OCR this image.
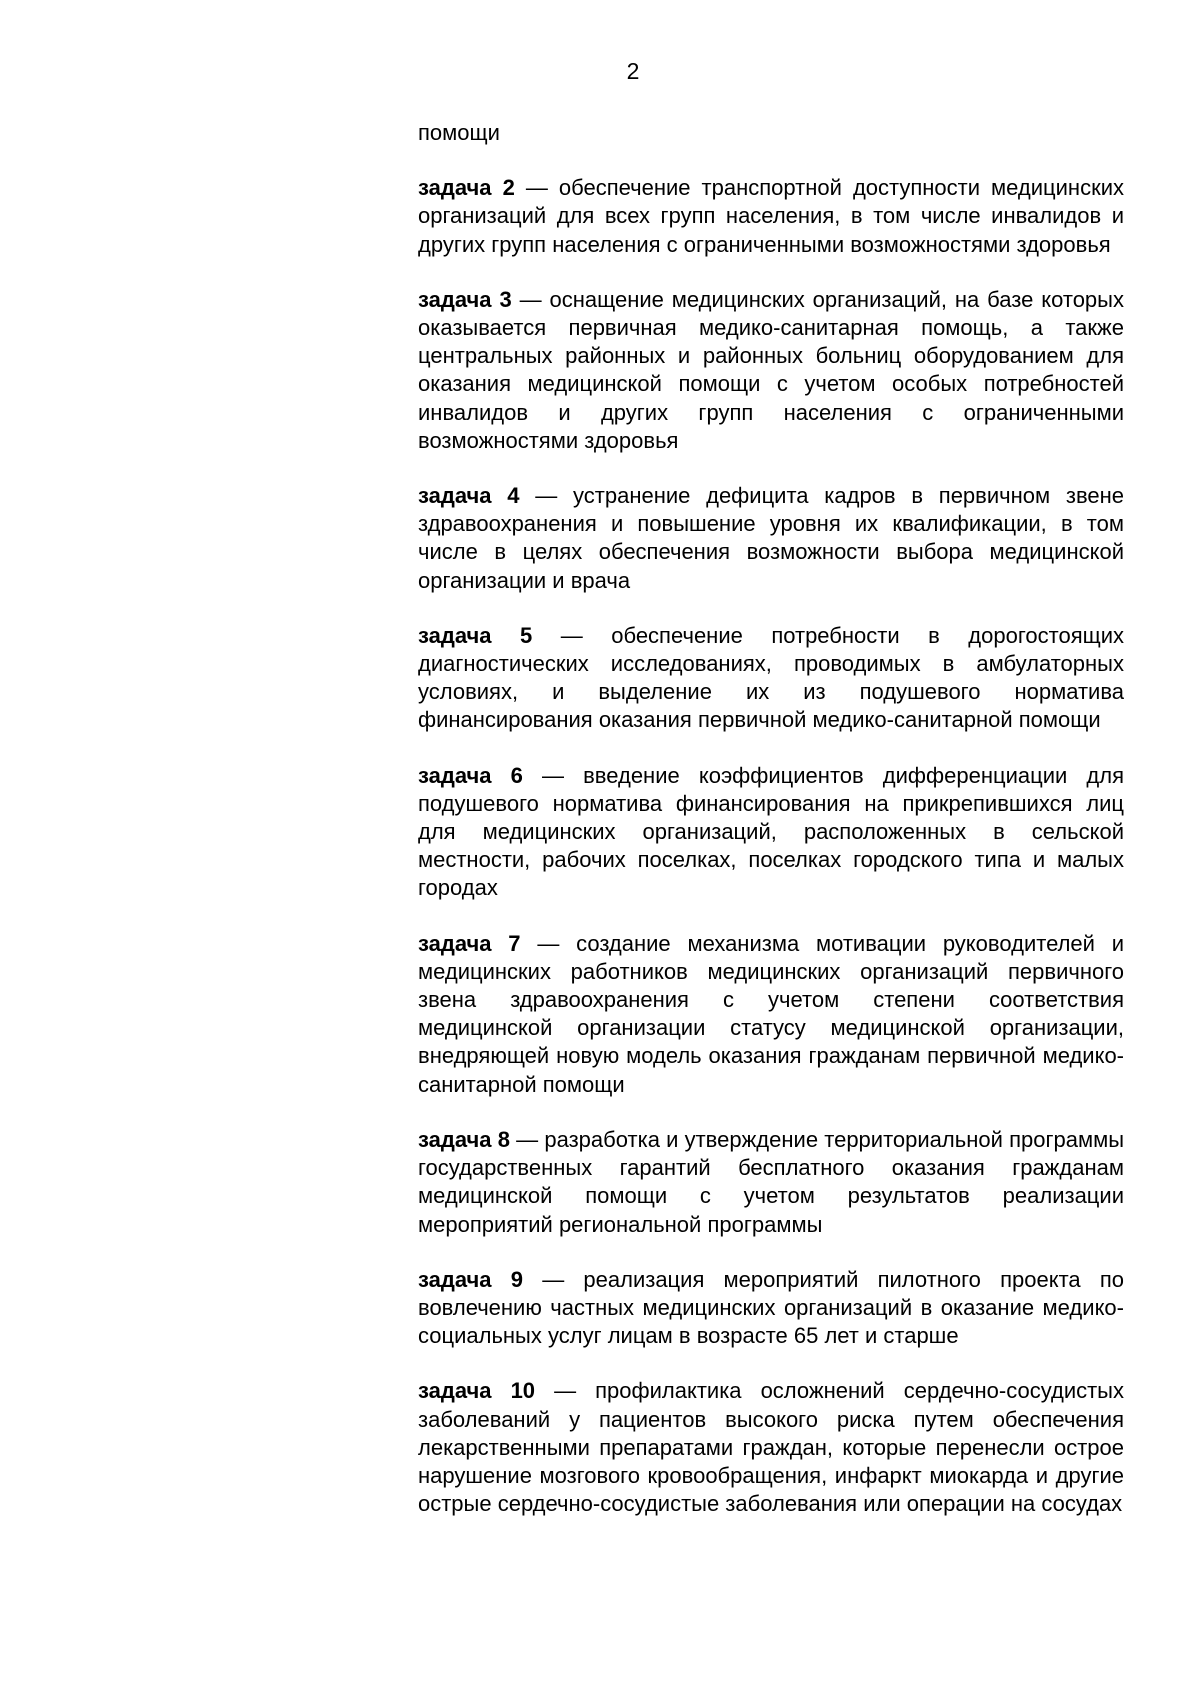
2

помощи

задача 2 — обеспечение транспортной доступности медицинских организаций для всех групп населения, в том числе инвалидов и других групп населения с ограниченными возможностями здоровья

задача 3 — оснащение медицинских организаций, на базе которых оказывается первичная медико-санитарная помощь, а также центральных районных и районных больниц оборудованием для оказания медицинской помощи с учетом особых потребностей инвалидов и других групп населения с ограниченными возможностями здоровья

задача 4 — устранение дефицита кадров в первичном звене здравоохранения и повышение уровня их квалификации, в том числе в целях обеспечения возможности выбора медицинской организации и врача

задача 5 — обеспечение потребности в дорогостоящих диагностических исследованиях, проводимых в амбулаторных условиях, и выделение их из подушевого норматива финансирования оказания первичной медико-санитарной помощи

задача 6 — введение коэффициентов дифференциации для подушевого норматива финансирования на прикрепившихся лиц для медицинских организаций, расположенных в сельской местности, рабочих поселках, поселках городского типа и малых городах

задача 7 — создание механизма мотивации руководителей и медицинских работников медицинских организаций первичного звена здравоохранения с учетом степени соответствия медицинской организации статусу медицинской организации, внедряющей новую модель оказания гражданам первичной медико-санитарной помощи

задача 8 — разработка и утверждение территориальной программы государственных гарантий бесплатного оказания гражданам медицинской помощи с учетом результатов реализации мероприятий региональной программы

задача 9 — реализация мероприятий пилотного проекта по вовлечению частных медицинских организаций в оказание медико-социальных услуг лицам в возрасте 65 лет и старше

задача 10 — профилактика осложнений сердечно-сосудистых заболеваний у пациентов высокого риска путем обеспечения лекарственными препаратами граждан, которые перенесли острое нарушение мозгового кровообращения, инфаркт миокарда и другие острые сердечно-сосудистые заболевания или операции на сосудах
